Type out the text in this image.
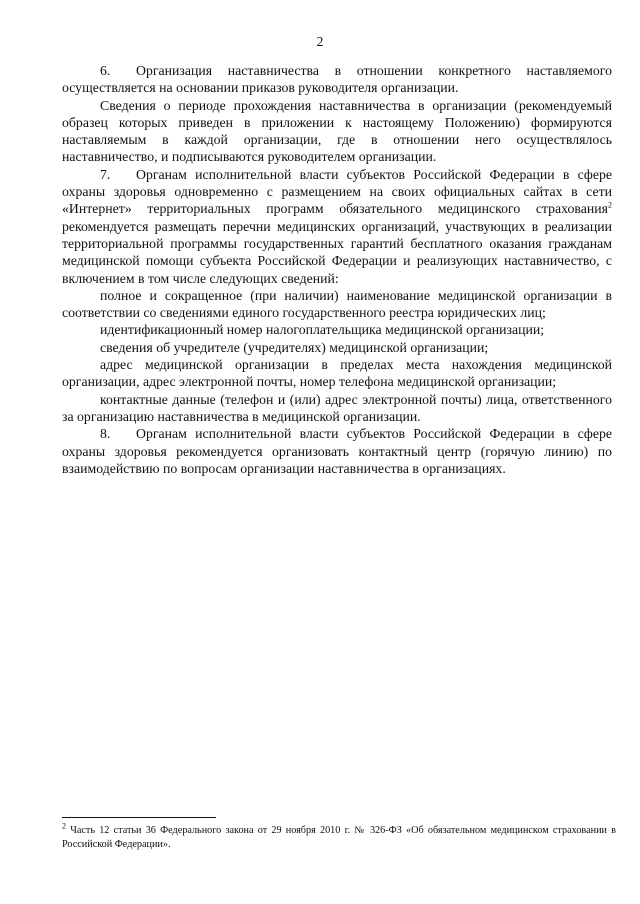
2

6. Организация наставничества в отношении конкретного наставляемого осуществляется на основании приказов руководителя организации.

Сведения о периоде прохождения наставничества в организации (рекомендуемый образец которых приведен в приложении к настоящему Положению) формируются наставляемым в каждой организации, где в отношении него осуществлялось наставничество, и подписываются руководителем организации.

7. Органам исполнительной власти субъектов Российской Федерации в сфере охраны здоровья одновременно с размещением на своих официальных сайтах в сети «Интернет» территориальных программ обязательного медицинского страхования$^2$ рекомендуется размещать перечни медицинских организаций, участвующих в реализации территориальной программы государственных гарантий бесплатного оказания гражданам медицинской помощи субъекта Российской Федерации и реализующих наставничество, с включением в том числе следующих сведений:

полное и сокращенное (при наличии) наименование медицинской организации в соответствии со сведениями единого государственного реестра юридических лиц;

идентификационный номер налогоплательщика медицинской организации;

сведения об учредителе (учредителях) медицинской организации;

адрес медицинской организации в пределах места нахождения медицинской организации, адрес электронной почты, номер телефона медицинской организации;

контактные данные (телефон и (или) адрес электронной почты) лица, ответственного за организацию наставничества в медицинской организации.

8. Органам исполнительной власти субъектов Российской Федерации в сфере охраны здоровья рекомендуется организовать контактный центр (горячую линию) по взаимодействию по вопросам организации наставничества в организациях.

$^2$ Часть 12 статьи 36 Федерального закона от 29 ноября 2010 г. № 326-ФЗ «Об обязательном медицинском страховании в Российской Федерации».
